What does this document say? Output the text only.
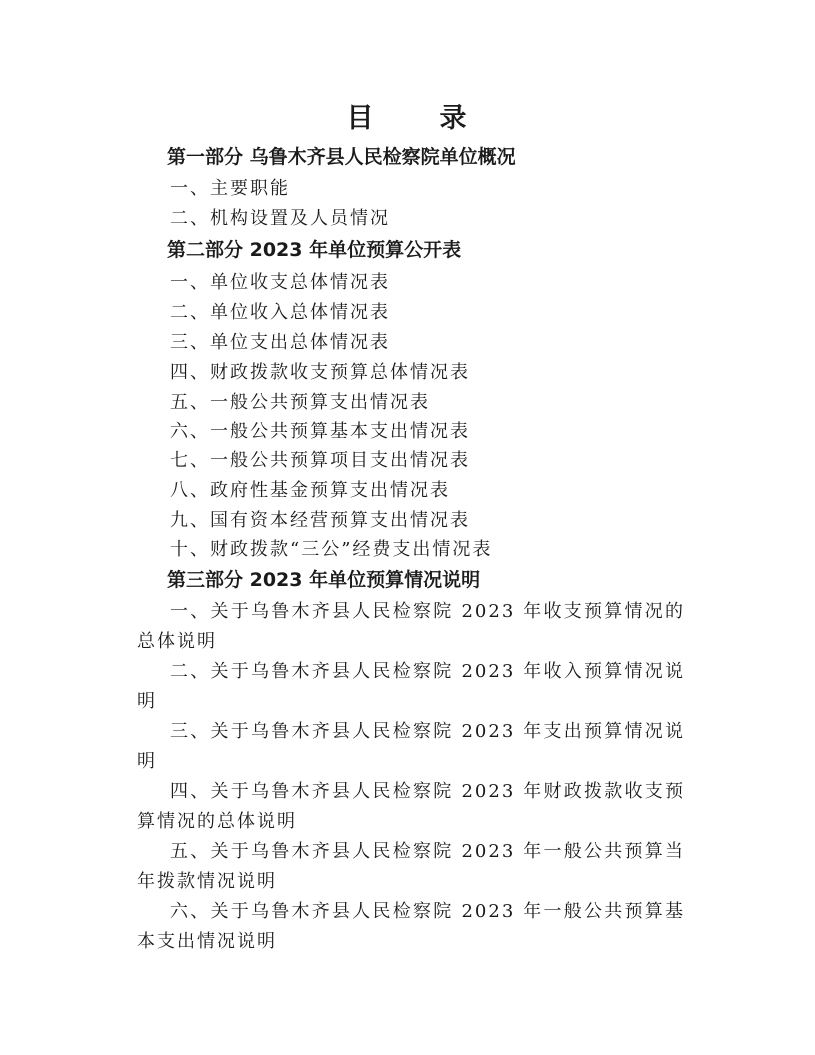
目 录
第一部分 乌鲁木齐县人民检察院单位概况
一、主要职能
二、机构设置及人员情况
第二部分 2023 年单位预算公开表
一、单位收支总体情况表
二、单位收入总体情况表
三、单位支出总体情况表
四、财政拨款收支预算总体情况表
五、一般公共预算支出情况表
六、一般公共预算基本支出情况表
七、一般公共预算项目支出情况表
八、政府性基金预算支出情况表
九、国有资本经营预算支出情况表
十、财政拨款“三公”经费支出情况表
第三部分 2023 年单位预算情况说明
一、关于乌鲁木齐县人民检察院 2023 年收支预算情况的总体说明
二、关于乌鲁木齐县人民检察院 2023 年收入预算情况说明
三、关于乌鲁木齐县人民检察院 2023 年支出预算情况说明
四、关于乌鲁木齐县人民检察院 2023 年财政拨款收支预算情况的总体说明
五、关于乌鲁木齐县人民检察院 2023 年一般公共预算当年拨款情况说明
六、关于乌鲁木齐县人民检察院 2023 年一般公共预算基本支出情况说明
